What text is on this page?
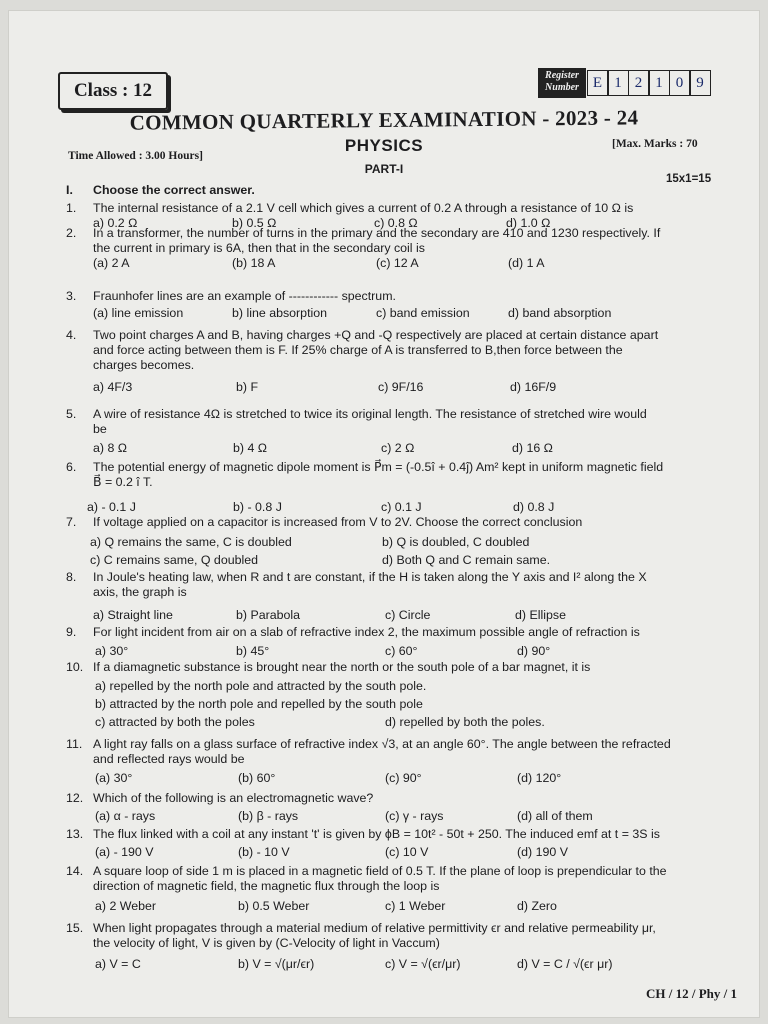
Class : 12
Register Number E 1 2 1 0 9
COMMON QUARTERLY EXAMINATION - 2023 - 24
PHYSICS
Time Allowed : 3.00 Hours]
[Max. Marks : 70
PART-I
15x1=15
I. Choose the correct answer.
1. The internal resistance of a 2.1 V cell which gives a current of 0.2 A through a resistance of 10 Ω is
a) 0.2 Ω	b) 0.5 Ω	c) 0.8 Ω	d) 1.0 Ω
2. In a transformer, the number of turns in the primary and the secondary are 410 and 1230 respectively. If
the current in primary is 6A, then that in the secondary coil is
(a) 2 A	(b) 18 A	(c) 12 A	(d) 1 A
3. Fraunhofer lines are an example of ------------ spectrum.
(a) line emission	b) line absorption	c) band emission	d) band absorption
4. Two point charges A and B, having charges +Q and -Q respectively are placed at certain distance apart
and force acting between them is F. If 25% charge of A is transferred to B,then force between the
charges becomes.
a) 4F/3	b) F	c) 9F/16	d) 16F/9
5. A wire of resistance 4Ω is stretched to twice its original length. The resistance of stretched wire would
be
a) 8 Ω	b) 4 Ω	c) 2 Ω	d) 16 Ω
6. The potential energy of magnetic dipole moment is P⃗m = (-0.5î + 0.4ĵ) Am² kept in uniform magnetic field
B⃗ = 0.2 î T.
a) - 0.1 J	b) - 0.8 J	c) 0.1 J	d) 0.8 J
7. If voltage applied on a capacitor is increased from V to 2V. Choose the correct conclusion
a) Q remains the same, C is doubled	b) Q is doubled, C doubled
c) C remains same, Q doubled	d) Both Q and C remain same.
8. In Joule's heating law, when R and t are constant, if the H is taken along the Y axis and I² along the X
axis, the graph is
a) Straight line	b) Parabola	c) Circle	d) Ellipse
9. For light incident from air on a slab of refractive index 2, the maximum possible angle of refraction is
a) 30°	b) 45°	c) 60°	d) 90°
10. If a diamagnetic substance is brought near the north or the south pole of a bar magnet, it is
a) repelled by the north pole and attracted by the south pole.
b) attracted by the north pole and repelled by the south pole
c) attracted by both the poles	d) repelled by both the poles.
11. A light ray falls on a glass surface of refractive index √3, at an angle 60°. The angle between the refracted
and reflected rays would be
(a) 30°	(b) 60°	(c) 90°	(d) 120°
12. Which of the following is an electromagnetic wave?
(a) α - rays	(b) β - rays	(c) γ - rays	(d) all of them
13. The flux linked with a coil at any instant 't' is given by ϕB = 10t² - 50t + 250. The induced emf at t = 3S is
(a) - 190 V	(b) - 10 V	(c) 10 V	(d) 190 V
14. A square loop of side 1 m is placed in a magnetic field of 0.5 T. If the plane of loop is prependicular to the
direction of magnetic field, the magnetic flux through the loop is
a) 2 Weber	b) 0.5 Weber	c) 1 Weber	d) Zero
15. When light propagates through a material medium of relative permittivity ϵr and relative permeability μr,
the velocity of light, V is given by (C-Velocity of light in Vaccum)
a) V = C	b) V = √(μr/ϵr)	c) V = √(ϵr/μr)	d) V = C / √(ϵr μr)
CH / 12 / Phy / 1
